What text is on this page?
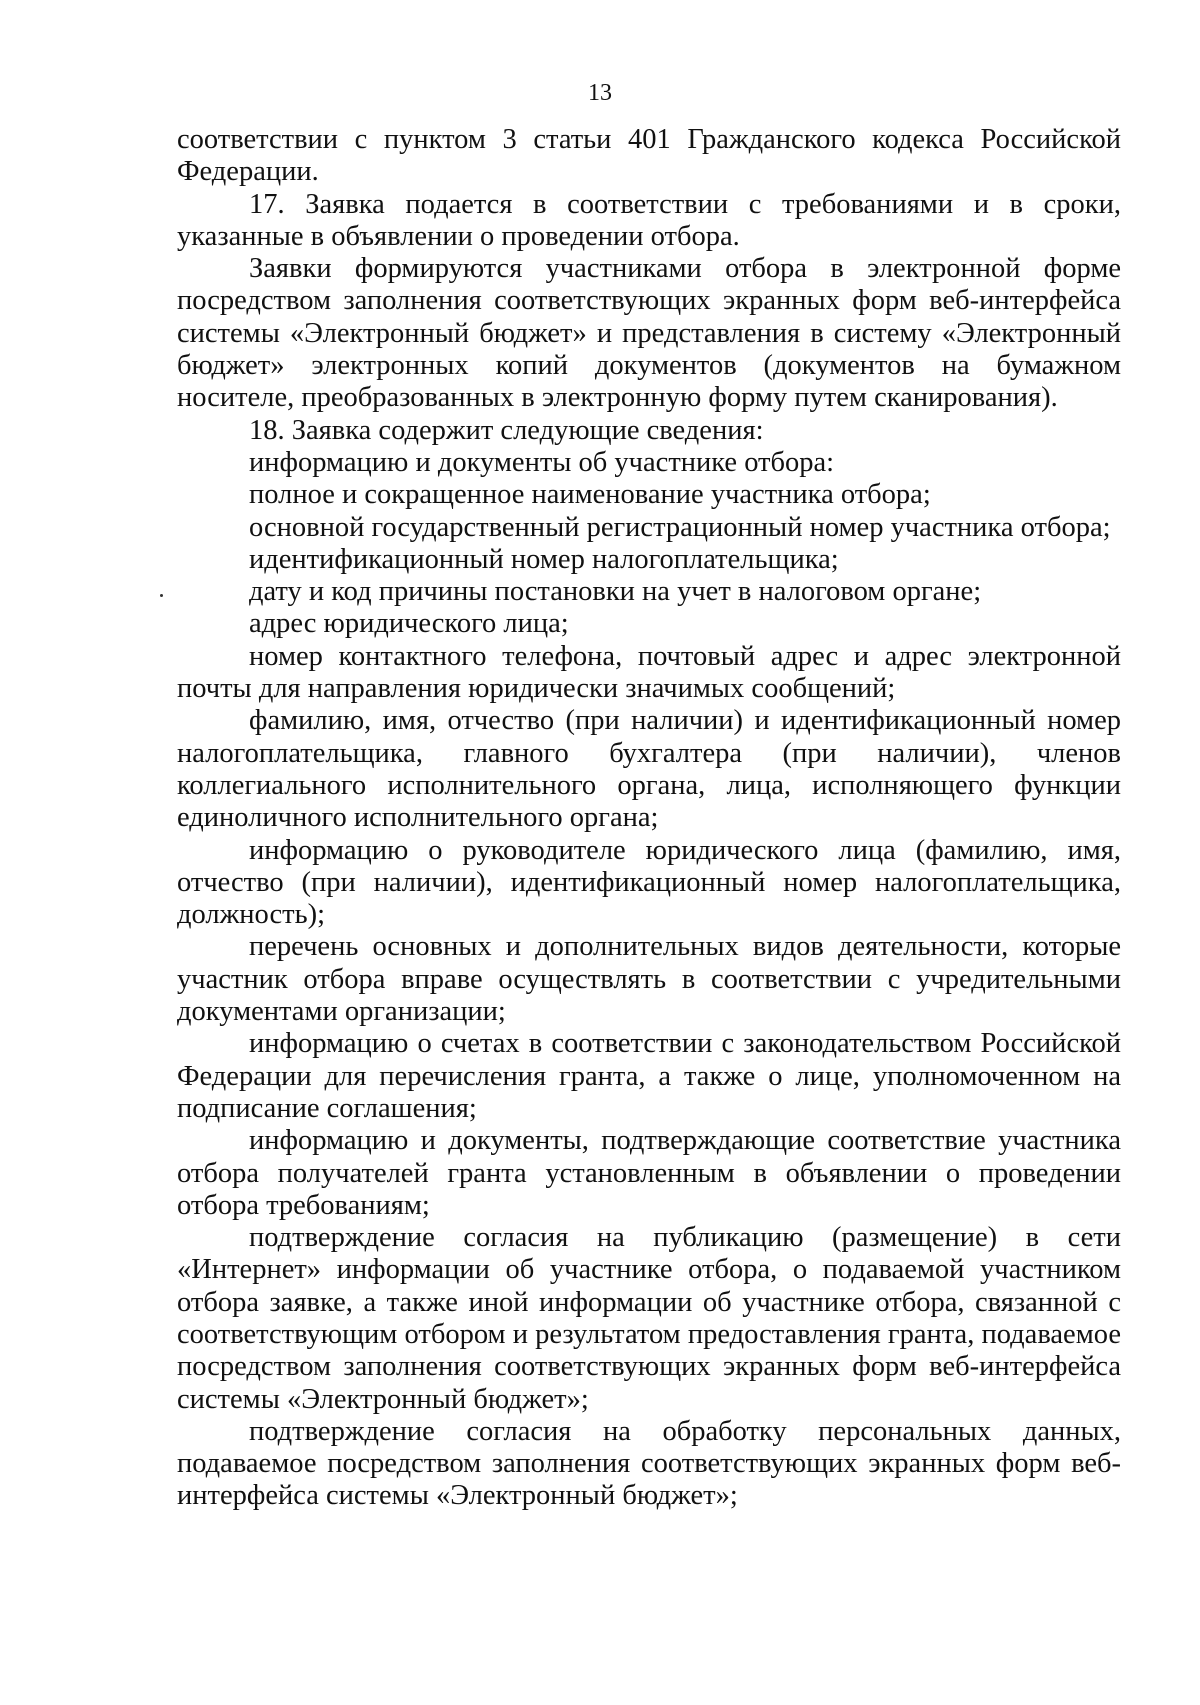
13

соответствии с пунктом 3 статьи 401 Гражданского кодекса Российской Федерации.

17. Заявка подается в соответствии с требованиями и в сроки, указанные в объявлении о проведении отбора.

Заявки формируются участниками отбора в электронной форме посредством заполнения соответствующих экранных форм веб-интерфейса системы «Электронный бюджет» и представления в систему «Электронный бюджет» электронных копий документов (документов на бумажном носителе, преобразованных в электронную форму путем сканирования).

18. Заявка содержит следующие сведения:

информацию и документы об участнике отбора:

полное и сокращенное наименование участника отбора;

основной государственный регистрационный номер участника отбора;

идентификационный номер налогоплательщика;

дату и код причины постановки на учет в налоговом органе;

адрес юридического лица;

номер контактного телефона, почтовый адрес и адрес электронной почты для направления юридически значимых сообщений;

фамилию, имя, отчество (при наличии) и идентификационный номер налогоплательщика, главного бухгалтера (при наличии), членов коллегиального исполнительного органа, лица, исполняющего функции единоличного исполнительного органа;

информацию о руководителе юридического лица (фамилию, имя, отчество (при наличии), идентификационный номер налогоплательщика, должность);

перечень основных и дополнительных видов деятельности, которые участник отбора вправе осуществлять в соответствии с учредительными документами организации;

информацию о счетах в соответствии с законодательством Российской Федерации для перечисления гранта, а также о лице, уполномоченном на подписание соглашения;

информацию и документы, подтверждающие соответствие участника отбора получателей гранта установленным в объявлении о проведении отбора требованиям;

подтверждение согласия на публикацию (размещение) в сети «Интернет» информации об участнике отбора, о подаваемой участником отбора заявке, а также иной информации об участнике отбора, связанной с соответствующим отбором и результатом предоставления гранта, подаваемое посредством заполнения соответствующих экранных форм веб-интерфейса системы «Электронный бюджет»;

подтверждение согласия на обработку персональных данных, подаваемое посредством заполнения соответствующих экранных форм веб-интерфейса системы «Электронный бюджет»;
